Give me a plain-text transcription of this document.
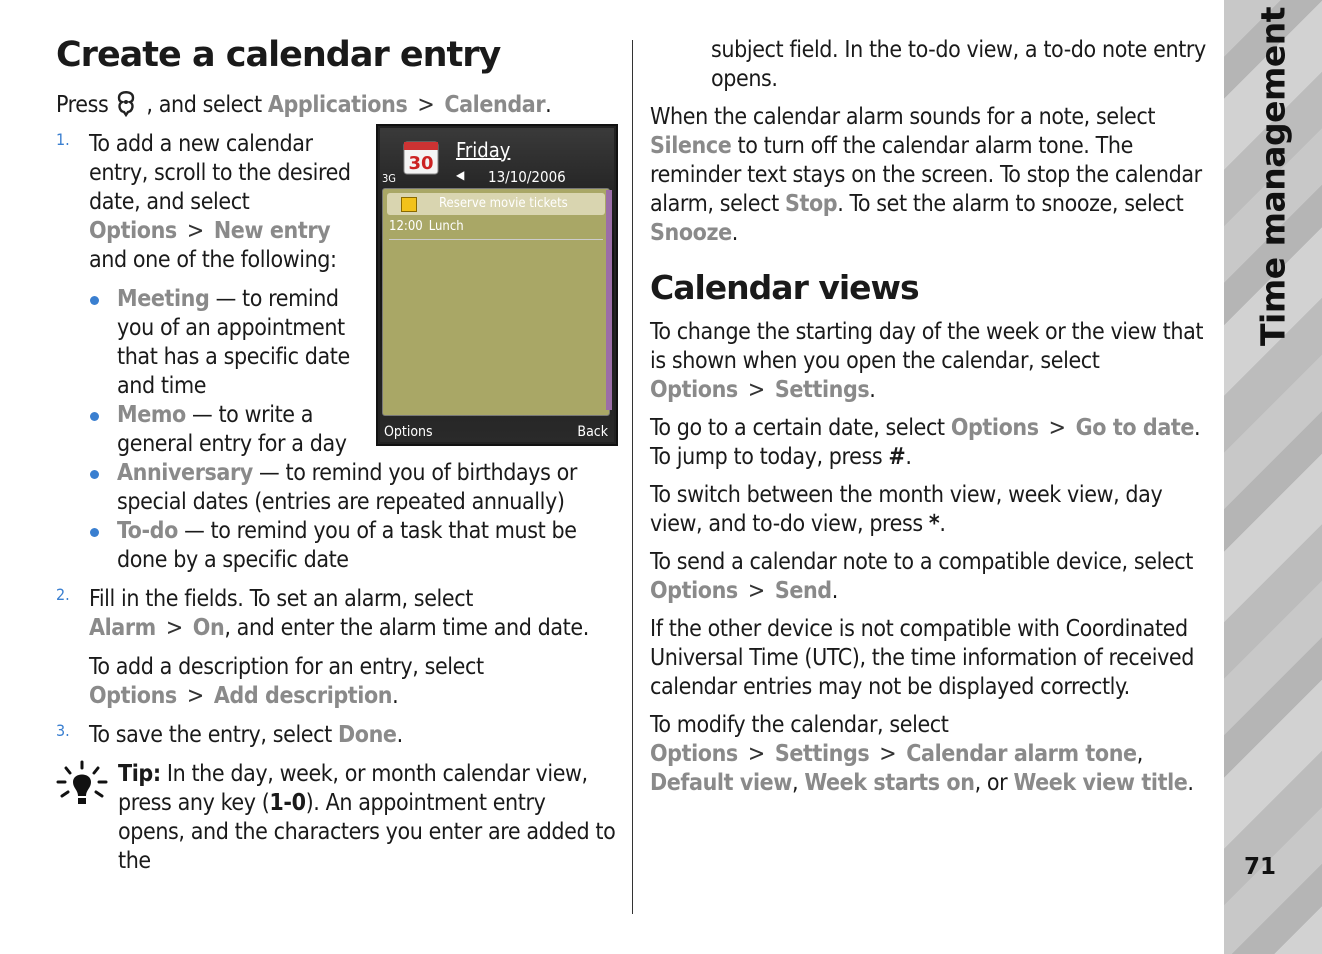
Create a calendar entry

Press , and select Applications > Calendar.

1.
30
Friday
3G	◀ 13/10/2006
Reserve movie tickets
12:00 Lunch
Options	Back

To add a new calendar entry, scroll to the desired date, and select
Options > New entry
and one of the following:

Meeting — to remind you of an appointment that has a specific date and time
Memo — to write a general entry for a day
Anniversary — to remind you of birthdays or special dates (entries are repeated annually)
To-do — to remind you of a task that must be done by a specific date
2. Fill in the fields. To set an alarm, select Alarm > On, and enter the alarm time and date.

To add a description for an entry, select Options > Add description.

3. To save the entry, select Done.

Tip: In the day, week, or month calendar view, press any key (1-0). An appointment entry opens, and the characters you enter are added to the

subject field. In the to-do view, a to-do note entry opens.

When the calendar alarm sounds for a note, select Silence to turn off the calendar alarm tone. The reminder text stays on the screen. To stop the calendar alarm, select Stop. To set the alarm to snooze, select Snooze.

Calendar views

To change the starting day of the week or the view that is shown when you open the calendar, select
Options > Settings.

To go to a certain date, select Options > Go to date. To jump to today, press #.

To switch between the month view, week view, day view, and to-do view, press *.

To send a calendar note to a compatible device, select
Options > Send.

If the other device is not compatible with Coordinated Universal Time (UTC), the time information of received calendar entries may not be displayed correctly.

To modify the calendar, select Options > Settings > Calendar alarm tone, Default view, Week starts on, or Week view title.

Time management
71
